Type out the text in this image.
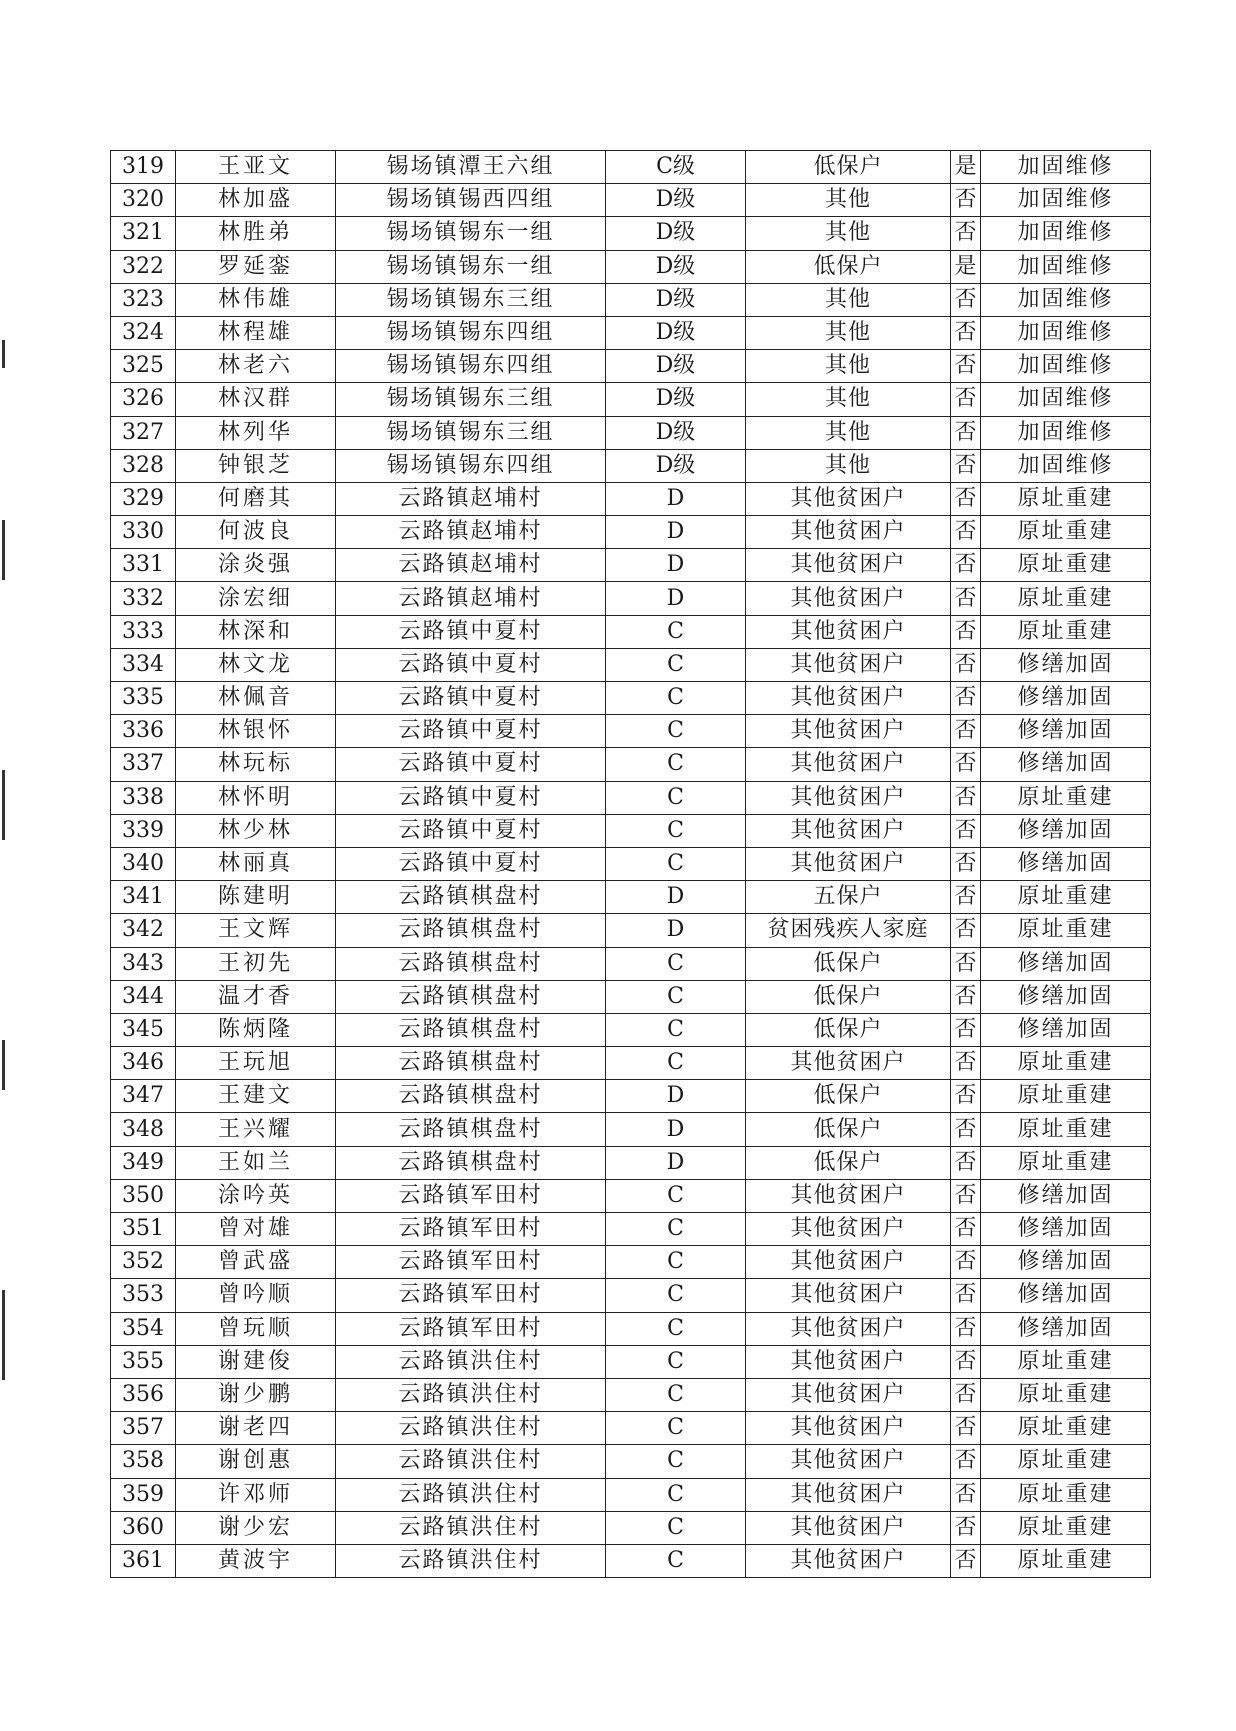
319	王亚文	锡场镇潭王六组	C级	低保户	是	加固维修
320	林加盛	锡场镇锡西四组	D级	其他	否	加固维修
321	林胜弟	锡场镇锡东一组	D级	其他	否	加固维修
322	罗延銮	锡场镇锡东一组	D级	低保户	是	加固维修
323	林伟雄	锡场镇锡东三组	D级	其他	否	加固维修
324	林程雄	锡场镇锡东四组	D级	其他	否	加固维修
325	林老六	锡场镇锡东四组	D级	其他	否	加固维修
326	林汉群	锡场镇锡东三组	D级	其他	否	加固维修
327	林列华	锡场镇锡东三组	D级	其他	否	加固维修
328	钟银芝	锡场镇锡东四组	D级	其他	否	加固维修
329	何磨其	云路镇赵埔村	D	其他贫困户	否	原址重建
330	何波良	云路镇赵埔村	D	其他贫困户	否	原址重建
331	涂炎强	云路镇赵埔村	D	其他贫困户	否	原址重建
332	涂宏细	云路镇赵埔村	D	其他贫困户	否	原址重建
333	林深和	云路镇中夏村	C	其他贫困户	否	原址重建
334	林文龙	云路镇中夏村	C	其他贫困户	否	修缮加固
335	林佩音	云路镇中夏村	C	其他贫困户	否	修缮加固
336	林银怀	云路镇中夏村	C	其他贫困户	否	修缮加固
337	林玩标	云路镇中夏村	C	其他贫困户	否	修缮加固
338	林怀明	云路镇中夏村	C	其他贫困户	否	原址重建
339	林少林	云路镇中夏村	C	其他贫困户	否	修缮加固
340	林丽真	云路镇中夏村	C	其他贫困户	否	修缮加固
341	陈建明	云路镇棋盘村	D	五保户	否	原址重建
342	王文辉	云路镇棋盘村	D	贫困残疾人家庭	否	原址重建
343	王初先	云路镇棋盘村	C	低保户	否	修缮加固
344	温才香	云路镇棋盘村	C	低保户	否	修缮加固
345	陈炳隆	云路镇棋盘村	C	低保户	否	修缮加固
346	王玩旭	云路镇棋盘村	C	其他贫困户	否	原址重建
347	王建文	云路镇棋盘村	D	低保户	否	原址重建
348	王兴耀	云路镇棋盘村	D	低保户	否	原址重建
349	王如兰	云路镇棋盘村	D	低保户	否	原址重建
350	涂吟英	云路镇军田村	C	其他贫困户	否	修缮加固
351	曾对雄	云路镇军田村	C	其他贫困户	否	修缮加固
352	曾武盛	云路镇军田村	C	其他贫困户	否	修缮加固
353	曾吟顺	云路镇军田村	C	其他贫困户	否	修缮加固
354	曾玩顺	云路镇军田村	C	其他贫困户	否	修缮加固
355	谢建俊	云路镇洪住村	C	其他贫困户	否	原址重建
356	谢少鹏	云路镇洪住村	C	其他贫困户	否	原址重建
357	谢老四	云路镇洪住村	C	其他贫困户	否	原址重建
358	谢创惠	云路镇洪住村	C	其他贫困户	否	原址重建
359	许邓师	云路镇洪住村	C	其他贫困户	否	原址重建
360	谢少宏	云路镇洪住村	C	其他贫困户	否	原址重建
361	黄波宇	云路镇洪住村	C	其他贫困户	否	原址重建
